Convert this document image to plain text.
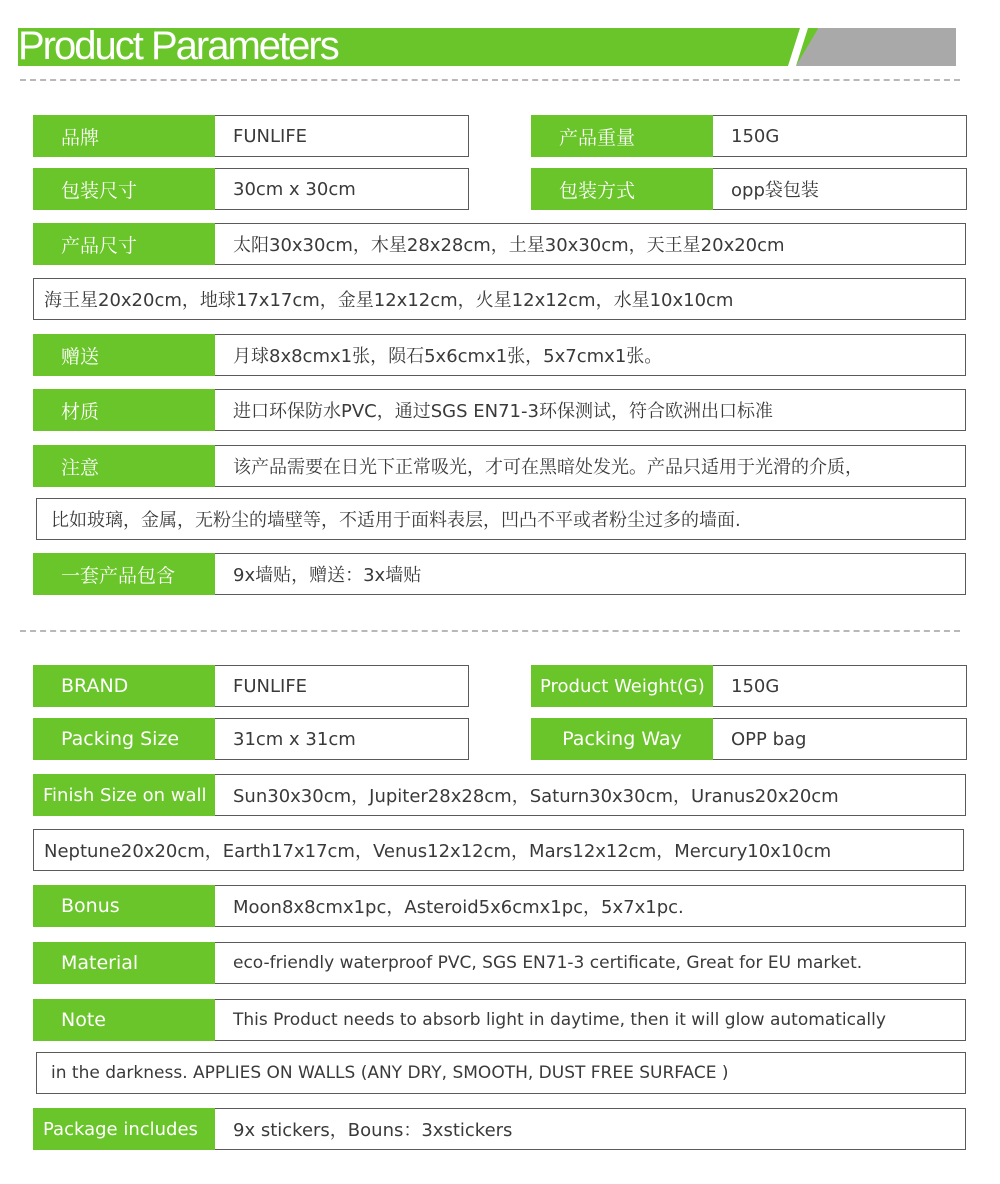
Product Parameters
品牌	FUNLIFE	产品重量	150G
包装尺寸	30cm x 30cm	包装方式	opp袋包装
产品尺寸	太阳30x30cm，木星28x28cm，土星30x30cm，天王星20x20cm
海王星20x20cm，地球17x17cm，金星12x12cm，火星12x12cm，水星10x10cm
赠送	月球8x8cmx1张，陨石5x6cmx1张，5x7cmx1张。
材质	进口环保防水PVC，通过SGS EN71-3环保测试，符合欧洲出口标准
注意	该产品需要在日光下正常吸光，才可在黑暗处发光。产品只适用于光滑的介质，
比如玻璃，金属，无粉尘的墙壁等，不适用于面料表层，凹凸不平或者粉尘过多的墙面.
一套产品包含	9x墙贴，赠送：3x墙贴
BRAND	FUNLIFE	Product Weight(G)	150G
Packing Size	31cm x 31cm	Packing Way	OPP bag
Finish Size on wall	Sun30x30cm，Jupiter28x28cm，Saturn30x30cm，Uranus20x20cm
Neptune20x20cm，Earth17x17cm，Venus12x12cm，Mars12x12cm，Mercury10x10cm
Bonus	Moon8x8cmx1pc，Asteroid5x6cmx1pc，5x7x1pc.
Material	eco-friendly waterproof PVC, SGS EN71-3 certificate, Great for EU market.
Note	This Product needs to absorb light in daytime, then it will glow automatically
in the darkness. APPLIES ON WALLS (ANY DRY, SMOOTH, DUST FREE SURFACE )
Package includes	9x stickers，Bouns：3xstickers
